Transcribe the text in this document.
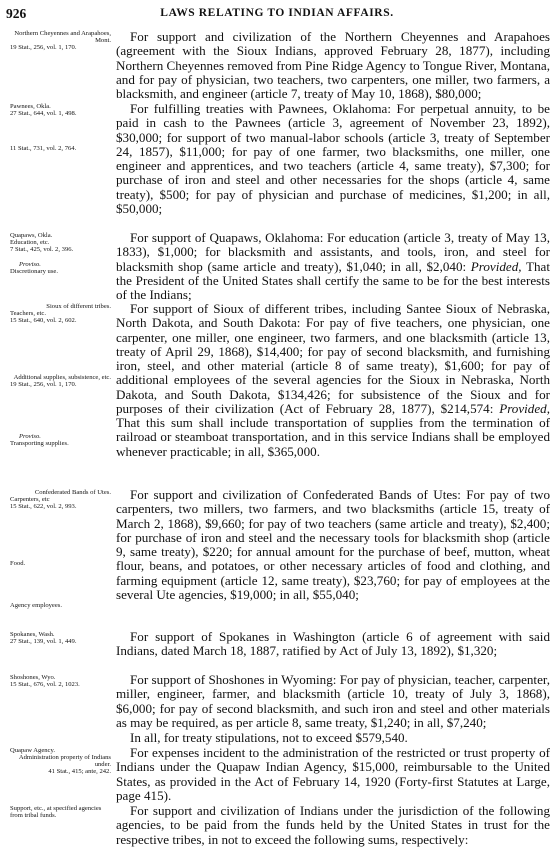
926	LAWS RELATING TO INDIAN AFFAIRS.
Northern Cheyennes and Arapahoes, Mont.
19 Stat., 256, vol. 1, 170.

For support and civilization of the Northern Cheyennes and Arapahoes (agreement with the Sioux Indians, approved February 28, 1877), including Northern Cheyennes removed from Pine Ridge Agency to Tongue River, Montana, and for pay of physician, two teachers, two carpenters, one miller, two farmers, a blacksmith, and engineer (article 7, treaty of May 10, 1868), $80,000;

Pawnees, Okla.
27 Stat., 644, vol. 1, 498.
11 Stat., 731, vol. 2, 764.

For fulfilling treaties with Pawnees, Oklahoma: For perpetual annuity, to be paid in cash to the Pawnees (article 3, agreement of November 23, 1892), $30,000; for support of two manual-labor schools (article 3, treaty of September 24, 1857), $11,000; for pay of one farmer, two blacksmiths, one miller, one engineer and apprentices, and two teachers (article 4, same treaty), $7,300; for purchase of iron and steel and other necessaries for the shops (article 4, same treaty), $500; for pay of physician and purchase of medicines, $1,200; in all, $50,000;

Quapaws, Okla.
Education, etc.
7 Stat., 425, vol. 2, 396.
Proviso.
Discretionary use.

For support of Quapaws, Oklahoma: For education (article 3, treaty of May 13, 1833), $1,000; for blacksmith and assistants, and tools, iron, and steel for blacksmith shop (same article and treaty), $1,040; in all, $2,040: Provided, That the President of the United States shall certify the same to be for the best interests of the Indians;

Sioux of different tribes.
Teachers, etc.
15 Stat., 640, vol. 2, 602.
Additional supplies, subsistence, etc.
19 Stat., 256, vol. 1, 170.
Proviso.
Transporting supplies.

For support of Sioux of different tribes, including Santee Sioux of Nebraska, North Dakota, and South Dakota: For pay of five teachers, one physician, one carpenter, one miller, one engineer, two farmers, and one blacksmith (article 13, treaty of April 29, 1868), $14,400; for pay of second blacksmith, and furnishing iron, steel, and other material (article 8 of same treaty), $1,600; for pay of additional employees of the several agencies for the Sioux in Nebraska, North Dakota, and South Dakota, $134,426; for subsistence of the Sioux and for purposes of their civilization (Act of February 28, 1877), $214,574: Provided, That this sum shall include transportation of supplies from the termination of railroad or steamboat transportation, and in this service Indians shall be employed whenever practicable; in all, $365,000.

Confederated Bands of Utes.
Carpenters, etc
15 Stat., 622, vol. 2, 993.
Food.
Agency employees.

For support and civilization of Confederated Bands of Utes: For pay of two carpenters, two millers, two farmers, and two blacksmiths (article 15, treaty of March 2, 1868), $9,660; for pay of two teachers (same article and treaty), $2,400; for purchase of iron and steel and the necessary tools for blacksmith shop (article 9, same treaty), $220; for annual amount for the purchase of beef, mutton, wheat flour, beans, and potatoes, or other necessary articles of food and clothing, and farming equipment (article 12, same treaty), $23,760; for pay of employees at the several Ute agencies, $19,000; in all, $55,040;

Spokanes, Wash.
27 Stat., 139, vol. 1, 449.	For support of Spokanes in Washington (article 6 of agreement with said Indians, dated March 18, 1887, ratified by Act of July 13, 1892), $1,320;

Shoshones, Wyo.
15 Stat., 676, vol. 2, 1023.	For support of Shoshones in Wyoming: For pay of physician, teacher, carpenter, miller, engineer, farmer, and blacksmith (article 10, treaty of July 3, 1868), $6,000; for pay of second blacksmith, and such iron and steel and other materials as may be required, as per article 8, same treaty, $1,240; in all, $7,240;

In all, for treaty stipulations, not to exceed $579,540.

Quapaw Agency.
Administration property of Indians under.
41 Stat., 415; ante, 242.

For expenses incident to the administration of the restricted or trust property of Indians under the Quapaw Indian Agency, $15,000, reimbursable to the United States, as provided in the Act of February 14, 1920 (Forty-first Statutes at Large, page 415).

Support, etc., at specified agencies from tribal funds.	For support and civilization of Indians under the jurisdiction of the following agencies, to be paid from the funds held by the United States in trust for the respective tribes, in not to exceed the following sums, respectively:
